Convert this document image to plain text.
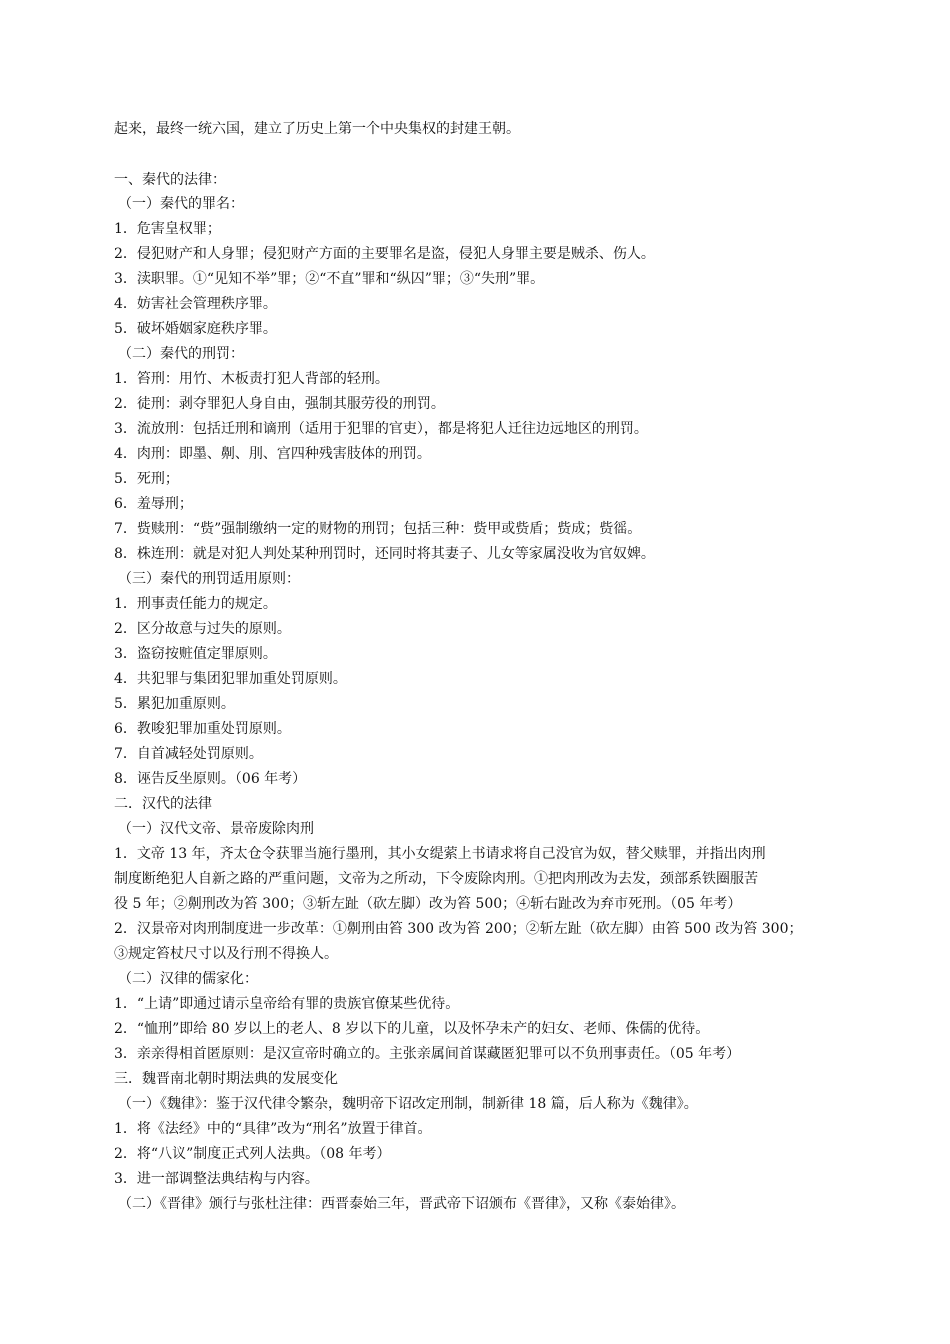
起来，最终一统六国，建立了历史上第一个中央集权的封建王朝。
一、秦代的法律：
（一）秦代的罪名：
1．危害皇权罪；
2．侵犯财产和人身罪；侵犯财产方面的主要罪名是盗，侵犯人身罪主要是贼杀、伤人。
3．渎职罪。①“见知不举”罪；②“不直”罪和“纵囚”罪；③“失刑”罪。
4．妨害社会管理秩序罪。
5．破坏婚姻家庭秩序罪。
（二）秦代的刑罚：
1．笞刑：用竹、木板责打犯人背部的轻刑。
2．徒刑：剥夺罪犯人身自由，强制其服劳役的刑罚。
3．流放刑：包括迁刑和谪刑（适用于犯罪的官吏），都是将犯人迁往边远地区的刑罚。
4．肉刑：即墨、劓、刖、宫四种残害肢体的刑罚。
5．死刑；
6．羞辱刑；
7．赀赎刑：“赀”强制缴纳一定的财物的刑罚；包括三种：赀甲或赀盾；赀成；赀徭。
8．株连刑：就是对犯人判处某种刑罚时，还同时将其妻子、儿女等家属没收为官奴婢。
（三）秦代的刑罚适用原则：
1．刑事责任能力的规定。
2．区分故意与过失的原则。
3．盗窃按赃值定罪原则。
4．共犯罪与集团犯罪加重处罚原则。
5．累犯加重原则。
6．教唆犯罪加重处罚原则。
7．自首减轻处罚原则。
8．诬告反坐原则。（06 年考）
二．汉代的法律
（一）汉代文帝、景帝废除肉刑
1．文帝 13 年，齐太仓令获罪当施行墨刑，其小女缇萦上书请求将自己没官为奴，替父赎罪，并指出肉刑
制度断绝犯人自新之路的严重问题，文帝为之所动，下令废除肉刑。①把肉刑改为去发，颈部系铁圈服苦
役 5 年；②劓刑改为笞 300；③斩左趾（砍左脚）改为笞 500；④斩右趾改为弃市死刑。（05 年考）
2．汉景帝对肉刑制度进一步改革：①劓刑由笞 300 改为笞 200；②斩左趾（砍左脚）由笞 500 改为笞 300；
③规定笞杖尺寸以及行刑不得换人。
（二）汉律的儒家化：
1．“上请”即通过请示皇帝给有罪的贵族官僚某些优待。
2．“恤刑”即给 80 岁以上的老人、8 岁以下的儿童，以及怀孕未产的妇女、老师、侏儒的优待。
3．亲亲得相首匿原则：是汉宣帝时确立的。主张亲属间首谋藏匿犯罪可以不负刑事责任。（05 年考）
三．魏晋南北朝时期法典的发展变化
（一）《魏律》：鉴于汉代律令繁杂，魏明帝下诏改定刑制，制新律 18 篇，后人称为《魏律》。
1．将《法经》中的“具律”改为“刑名”放置于律首。
2．将“八议”制度正式列人法典。（08 年考）
3．进一部调整法典结构与内容。
（二）《晋律》颁行与张杜注律：西晋泰始三年，晋武帝下诏颁布《晋律》，又称《泰始律》。
